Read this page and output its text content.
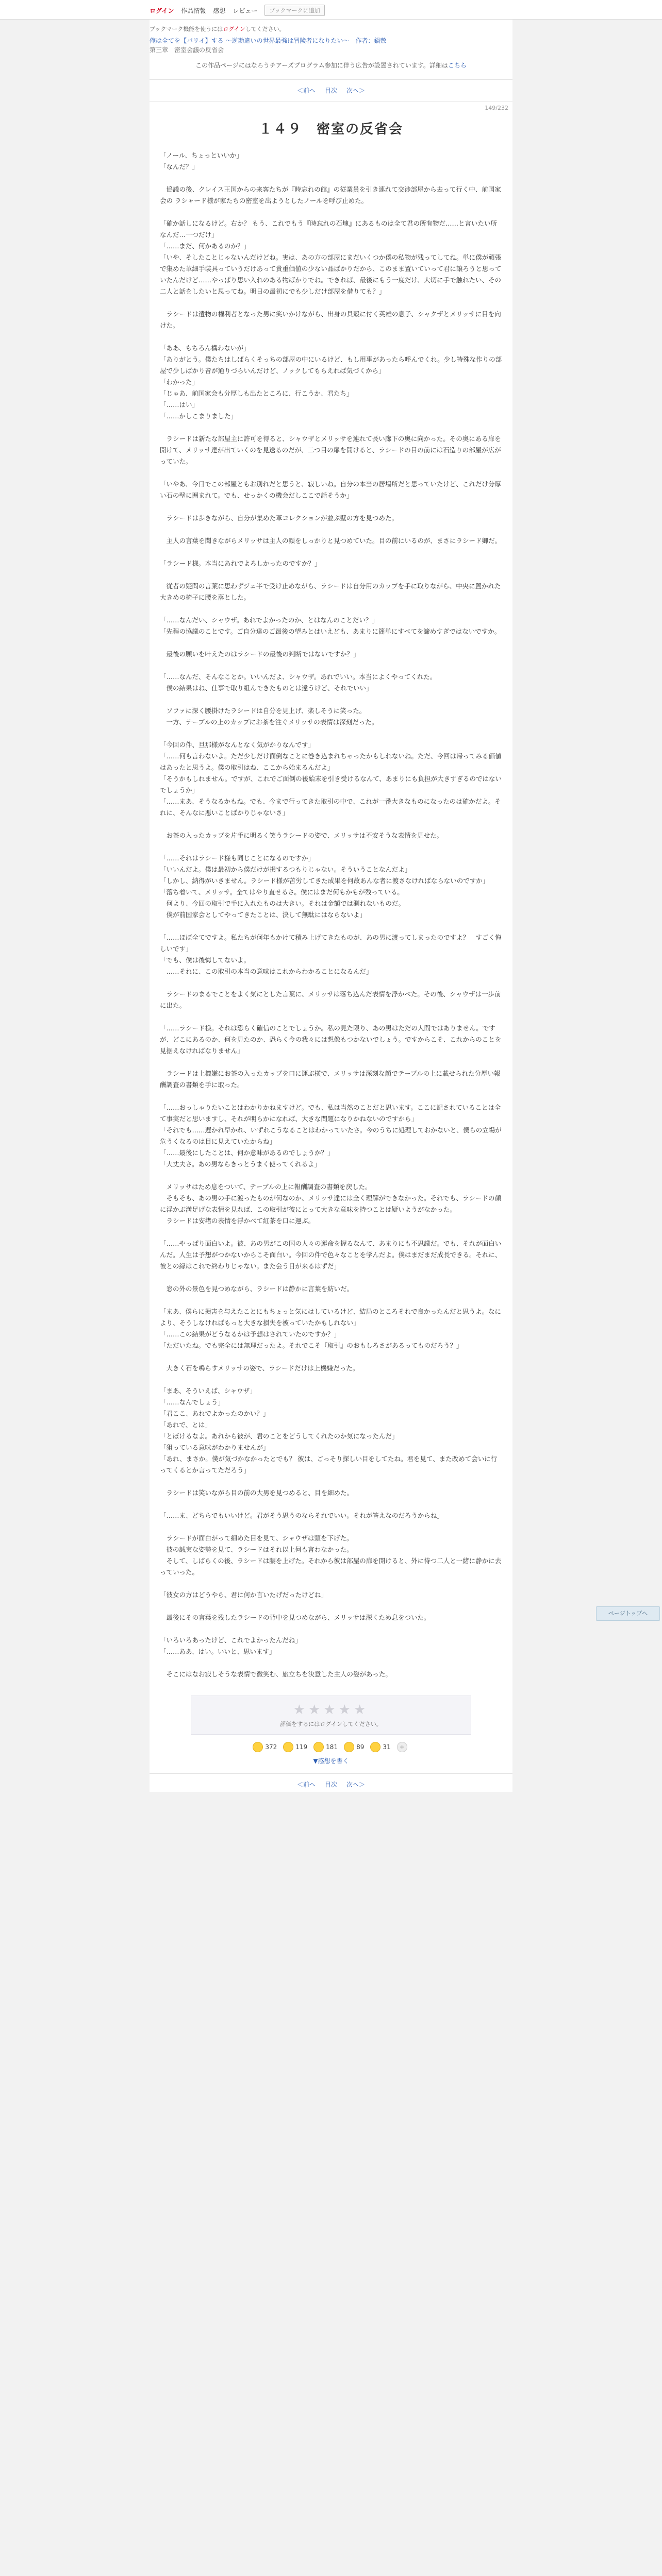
ログイン 作品情報 感想 レビュー	ブックマークに追加
ブックマーク機能を使うにはログインしてください。
俺は全てを【パリイ】する 〜逆勘違いの世界最強は冒険者になりたい〜　作者：鍋敷
第三章　密室会議の反省会
この作品ページにはなろうチアーズプログラム参加に伴う広告が設置されています。詳細はこちら
＜前へ 目次 次へ＞
149/232
１４９　密室の反省会

「ノール、ちょっといいか」

「なんだ？」

　協議の後、クレイス王国からの来客たちが『時忘れの館』の従業員を引き連れて交渉部屋から去って行く中、前国家会の ラシャード様が家たちの密室を出ようとしたノールを呼び止めた。

「確か話しになるけど。右か？ もう、これでもう『時忘れの石塊』にあるものは全て君の所有物だ……と言いたい所なんだ…一つだけ」

「……まだ、何かあるのか？」

「いや、そしたことじゃないんだけどね。実は、あの方の部屋にまだいくつか僕の私物が残ってしてね。単に僕が頑張で集めた革細手装具っていうだけあって貴重価値の少ない品ばかりだから、このまま置いていって君に譲ろうと思っていたんだけど……やっぱり思い入れのある物ばかりでね。できれば、最後にもう一度だけ、大切に手で触れたい、その二人と話をしたいと思ってね。明日の最初にでも少しだけ部屋を借りても？」

　ラシードは遺物の権利者となった男に笑いかけながら、出身の貝殻に付く英雄の息子、シャクザとメリッサに目を向けた。

「ああ、もちろん構わないが」

「ありがとう。僕たちはしばらくそっちの部屋の中にいるけど、もし用事があったら呼んでくれ。少し特殊な作りの部屋で少しばかり音が通りづらいんだけど、ノックしてもらえれば気づくから」

「わかった」

「じゃあ、前国家会も分厚しも出たところに、行こうか、君たち」

「……はい」

「……かしこまりました」

　ラシードは新たな部屋主に許可を得ると、シャウザとメリッサを連れて長い廊下の奥に向かった。その奥にある扉を開けて、メリッサ達が出ていくのを見送るのだが、二つ目の扉を開けると、ラシードの目の前には石造りの部屋が広がっていた。

「いやあ、今日でこの部屋ともお別れだと思うと、寂しいね。自分の本当の居場所だと思っていたけど、これだけ分厚い石の壁に囲まれて。でも、せっかくの機会だしここで話そうか」

　ラシードは歩きながら、自分が集めた革コレクションが並ぶ壁の方を見つめた。

　主人の言葉を聞きながらメリッサは主人の顔をしっかりと見つめていた。目の前にいるのが、まさにラシード卿だ。

「ラシード様。本当にあれでよろしかったのですか？」

　従者の疑問の言葉に思わずジェ半で受け止めながら、ラシードは自分用のカップを手に取りながら、中央に置かれた大きめの椅子に腰を落とした。

「……なんだい、シャウザ。あれでよかったのか、とはなんのことだい？」

「先程の協議のことです。ご自分達のご最後の望みとはいえども、あまりに簡単にすべてを諦めすぎではないですか。

　最後の願いを叶えたのはラシードの最後の判断ではないですか？」

「……なんだ、そんなことか。いいんだよ、シャウザ。あれでいい。本当によくやってくれた。

　僕の結果はね、仕事で取り組んできたものとは違うけど、それでいい」

　ソファに深く腰掛けたラシードは自分を見上げ、楽しそうに笑った。

　一方、テーブルの上のカップにお茶を注ぐメリッサの表情は深刻だった。

「今回の件、旦那様がなんとなく気がかりなんです」

「……何も言わないよ。ただ少しだけ面倒なことに巻き込まれちゃったかもしれないね。ただ、今回は帰ってみる価値はあったと思うよ。僕の取引はね、ここから始まるんだよ」

「そうかもしれません。ですが、これでご面倒の後始末を引き受けるなんて、あまりにも負担が大きすぎるのではないでしょうか」

「……まあ、そうなるかもね。でも、今まで行ってきた取引の中で、これが一番大きなものになったのは確かだよ。それに、そんなに悪いことばかりじゃないさ」

　お茶の入ったカップを片手に明るく笑うラシードの姿で、メリッサは不安そうな表情を見せた。

「……それはラシード様も同じことになるのですか」

「いいんだよ。僕は最初から僕だけが損するつもりじゃない。そういうことなんだよ」

「しかし、納得がいきません。ラシード様が苦労してきた成果を何故あんな者に渡さなければならないのですか」

「落ち着いて、メリッサ。全てはやり直せるさ。僕にはまだ何もかもが残っている。

　何より、今回の取引で手に入れたものは大きい。それは金額では測れないものだ。

　僕が前国家会としてやってきたことは、決して無駄にはならないよ」

「……ほぼ全てですよ。私たちが何年もかけて積み上げてきたものが、あの男に渡ってしまったのですよ？　すごく悔しいです」

「でも、僕は後悔してないよ。

　……それに、この取引の本当の意味はこれからわかることになるんだ」

　ラシードのまるでことをよく気にとした言葉に、メリッサは落ち込んだ表情を浮かべた。その後、シャウザは一歩前に出た。

「……ラシード様。それは恐らく確信のことでしょうか。私の見た限り、あの男はただの人間ではありません。ですが、どこにあるのか、何を見たのか、恐らく今の我々には想像もつかないでしょう。ですからこそ、これからのことを見据えなければなりません」

　ラシードは上機嫌にお茶の入ったカップを口に運ぶ横で、メリッサは深刻な顔でテーブルの上に載せられた分厚い報酬調査の書類を手に取った。

「……おっしゃりたいことはわかりかねますけど。でも、私は当然のことだと思います。ここに記されていることは全て事実だと思いますし、それが明らかになれば、大きな問題になりかねないのですから」

「それでも……遅かれ早かれ、いずれこうなることはわかっていたさ。今のうちに処理しておかないと、僕らの立場が危うくなるのは目に見えていたからね」

「……最後にしたことは、何か意味があるのでしょうか？」

「大丈夫さ。あの男ならきっとうまく使ってくれるよ」

　メリッサはため息をついて、テーブルの上に報酬調査の書類を戻した。

　そもそも、あの男の手に渡ったものが何なのか、メリッサ達には全く理解ができなかった。それでも、ラシードの顔に浮かぶ満足げな表情を見れば、この取引が彼にとって大きな意味を持つことは疑いようがなかった。

　ラシードは安堵の表情を浮かべて紅茶を口に運ぶ。

「……やっぱり面白いよ。彼、あの男がこの国の人々の運命を握るなんて、あまりにも不思議だ。でも、それが面白いんだ。人生は予想がつかないからこそ面白い。今回の件で色々なことを学んだよ。僕はまだまだ成長できる。それに、彼との縁はこれで終わりじゃない。また会う日が来るはずだ」

　窓の外の景色を見つめながら、ラシードは静かに言葉を紡いだ。

「まあ、僕らに損害を与えたことにもちょっと気にはしているけど、結局のところそれで良かったんだと思うよ。なにより、そうしなければもっと大きな損失を被っていたかもしれない」

「……この結果がどうなるかは予想はされていたのですか？」

「ただいたね。でも完全には無理だったよ。それでこそ『取引』のおもしろさがあるってものだろう？」

　大きく石を鳴らすメリッサの姿で、ラシードだけは上機嫌だった。

「まあ、そういえば、シャウザ」

「……なんでしょう」

「君ここ、あれでよかったのかい？」

「あれで、とは」

「とぼけるなよ。あれから彼が、君のことをどうしてくれたのか気になったんだ」

「狙っている意味がわかりませんが」

「あれ、まさか。僕が気づかなかったとでも？ 彼は、ごっそり探しい目をしてたね。君を見て、また改めて会いに行ってくるとか言ってただろう」

　ラシードは笑いながら目の前の大男を見つめると、目を細めた。

「……ま、どちらでもいいけど。君がそう思うのならそれでいい。それが答えなのだろうからね」

　ラシードが面白がって細めた目を見て、シャウザは頭を下げた。

　彼の誠実な姿勢を見て、ラシードはそれ以上何も言わなかった。

　そして、しばらくの後、ラシードは腰を上げた。それから彼は部屋の扉を開けると、外に待つ二人と一緒に静かに去っていった。

「彼女の方はどうやら、君に何か言いたげだったけどね」

　最後にその言葉を残したラシードの背中を見つめながら、メリッサは深くため息をついた。

「いろいろあったけど、これでよかったんだね」

「……ああ、はい。いいと、思います」

　そこにはなお寂しそうな表情で微笑む、旅立ちを決意した主人の姿があった。

★★★★★
評価をするにはログインしてください。
372	119	181	89	31	+
▼感想を書く
＜前へ 目次 次へ＞
ページトップへ
